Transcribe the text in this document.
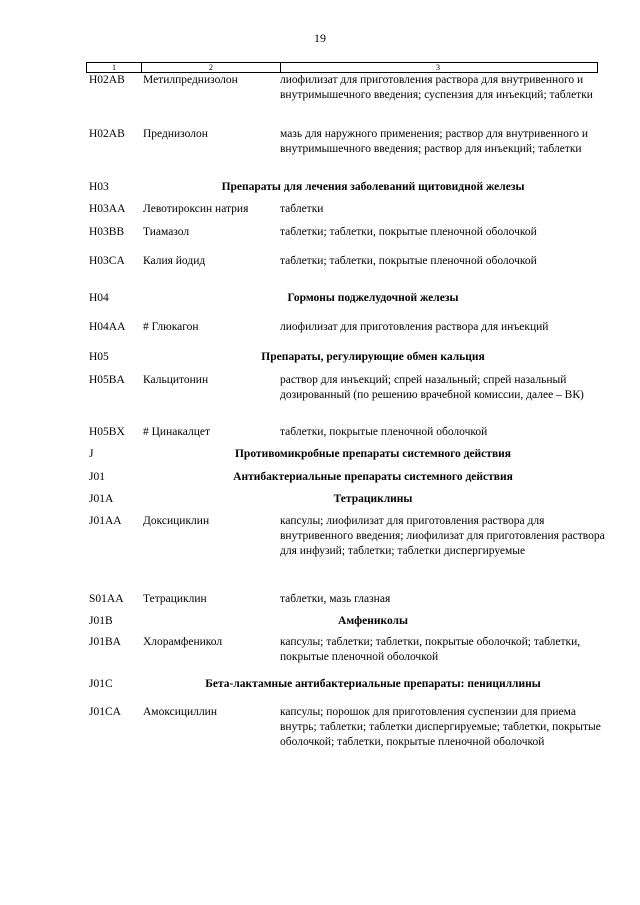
19
1	2	3
H02AB	Метилпреднизолон	лиофилизат для приготовления раствора для внутривенного и внутримышечного введения; суспензия для инъекций; таблетки
H02AB	Преднизолон	мазь для наружного применения; раствор для внутривенного и внутримышечного введения; раствор для инъекций; таблетки
H03	Препараты для лечения заболеваний щитовидной железы
H03AA	Левотироксин натрия	таблетки
H03BB	Тиамазол	таблетки; таблетки, покрытые пленочной оболочкой
H03CA	Калия йодид	таблетки; таблетки, покрытые пленочной оболочкой
H04	Гормоны поджелудочной железы
H04AA	# Глюкагон	лиофилизат для приготовления раствора для инъекций
H05	Препараты, регулирующие обмен кальция
H05BA	Кальцитонин	раствор для инъекций; спрей назальный; спрей назальный дозированный (по решению врачебной комиссии, далее – ВК)
H05BX	# Цинакалцет	таблетки, покрытые пленочной оболочкой
J	Противомикробные препараты системного действия
J01	Антибактериальные препараты системного действия
J01A	Тетрациклины
J01AA	Доксициклин	капсулы; лиофилизат для приготовления раствора для внутривенного введения; лиофилизат для приготовления раствора для инфузий; таблетки; таблетки диспергируемые
S01AA	Тетрациклин	таблетки, мазь глазная
J01B	Амфениколы
J01BA	Хлорамфеникол	капсулы; таблетки; таблетки, покрытые оболочкой; таблетки, покрытые пленочной оболочкой
J01C	Бета-лактамные антибактериальные препараты: пенициллины
J01CA	Амоксициллин	капсулы; порошок для приготовления суспензии для приема внутрь; таблетки; таблетки диспергируемые; таблетки, покрытые оболочкой; таблетки, покрытые пленочной оболочкой
